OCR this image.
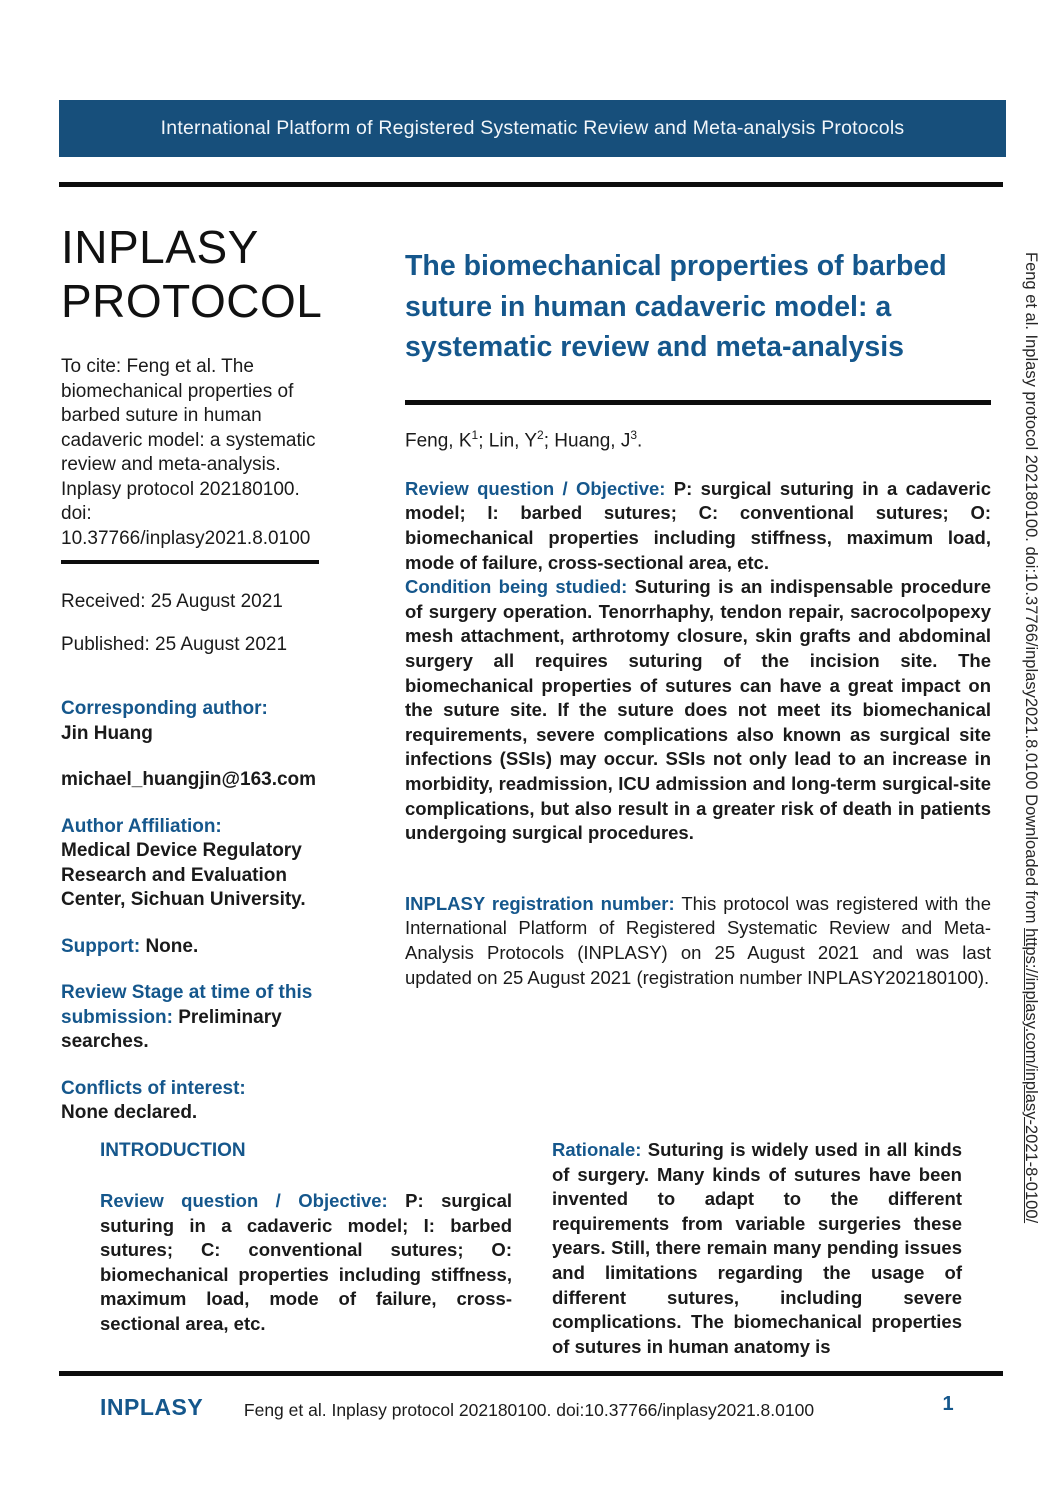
International Platform of Registered Systematic Review and Meta-analysis Protocols
INPLASY
PROTOCOL

To cite: Feng et al. The biomechanical properties of barbed suture in human cadaveric model: a systematic review and meta-analysis. Inplasy protocol 202180100.
doi:
10.37766/inplasy2021.8.0100

Received: 25 August 2021

Published: 25 August 2021

Corresponding author:
Jin Huang

michael_huangjin@163.com

Author Affiliation:
Medical Device Regulatory Research and Evaluation Center, Sichuan University.

Support: None.

Review Stage at time of this submission: Preliminary searches.

Conflicts of interest:
None declared.
The biomechanical properties of barbed suture in human cadaveric model: a systematic review and meta-analysis

Feng, $K^1$; Lin, $Y^2$; Huang, $J^3$.

Review question / Objective: P: surgical suturing in a cadaveric model; I: barbed sutures; C: conventional sutures; O: biomechanical properties including stiffness, maximum load, mode of failure, cross-sectional area, etc.

Condition being studied: Suturing is an indispensable procedure of surgery operation. Tenorrhaphy, tendon repair, sacrocolpopexy mesh attachment, arthrotomy closure, skin grafts and abdominal surgery all requires suturing of the incision site. The biomechanical properties of sutures can have a great impact on the suture site. If the suture does not meet its biomechanical requirements, severe complications also known as surgical site infections (SSIs) may occur. SSIs not only lead to an increase in morbidity, readmission, ICU admission and long-term surgical-site complications, but also result in a greater risk of death in patients undergoing surgical procedures.

INPLASY registration number: This protocol was registered with the International Platform of Registered Systematic Review and Meta-Analysis Protocols (INPLASY) on 25 August 2021 and was last updated on 25 August 2021 (registration number INPLASY202180100).

INTRODUCTION

Review question / Objective: P: surgical suturing in a cadaveric model; I: barbed sutures; C: conventional sutures; O: biomechanical properties including stiffness, maximum load, mode of failure, cross-sectional area, etc.

Rationale: Suturing is widely used in all kinds of surgery. Many kinds of sutures have been invented to adapt to the different requirements from variable surgeries these years. Still, there remain many pending issues and limitations regarding the usage of different sutures, including severe complications. The biomechanical properties of sutures in human anatomy is

INPLASY	Feng et al. Inplasy protocol 202180100. doi:10.37766/inplasy2021.8.0100	1
Feng et al. Inplasy protocol 202180100. doi:10.37766/inplasy2021.8.0100 Downloaded from https://inplasy.com/inplasy-2021-8-0100/
